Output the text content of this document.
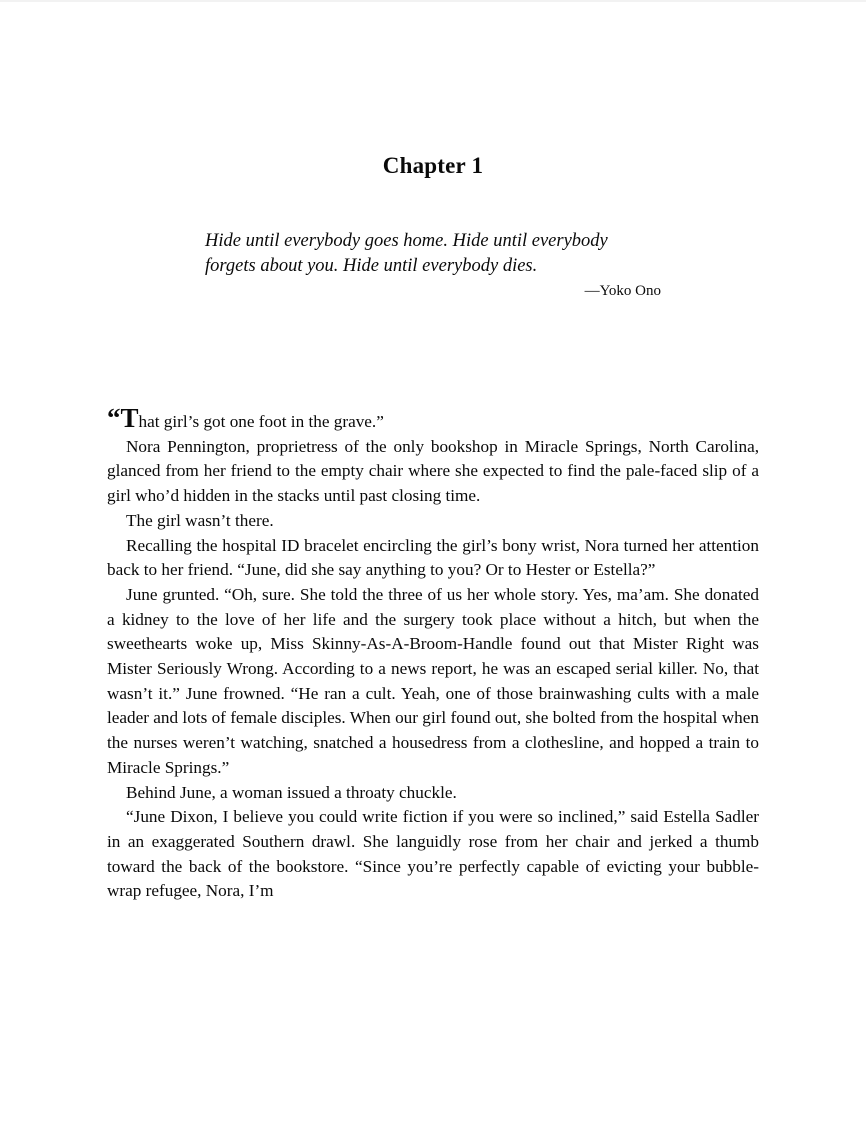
Chapter 1

Hide until everybody goes home. Hide until everybody forgets about you. Hide until everybody dies.

—Yoko Ono

“That girl’s got one foot in the grave.”

Nora Pennington, proprietress of the only bookshop in Miracle Springs, North Carolina, glanced from her friend to the empty chair where she expected to find the pale-faced slip of a girl who’d hidden in the stacks until past closing time.

The girl wasn’t there.

Recalling the hospital ID bracelet encircling the girl’s bony wrist, Nora turned her attention back to her friend. “June, did she say anything to you? Or to Hester or Estella?”

June grunted. “Oh, sure. She told the three of us her whole story. Yes, ma’am. She donated a kidney to the love of her life and the surgery took place without a hitch, but when the sweethearts woke up, Miss Skinny-As-A-Broom-Handle found out that Mister Right was Mister Seriously Wrong. According to a news report, he was an escaped serial killer. No, that wasn’t it.” June frowned. “He ran a cult. Yeah, one of those brainwashing cults with a male leader and lots of female disciples. When our girl found out, she bolted from the hospital when the nurses weren’t watching, snatched a housedress from a clothesline, and hopped a train to Miracle Springs.”

Behind June, a woman issued a throaty chuckle.

“June Dixon, I believe you could write fiction if you were so inclined,” said Estella Sadler in an exaggerated Southern drawl. She languidly rose from her chair and jerked a thumb toward the back of the bookstore. “Since you’re perfectly capable of evicting your bubble-wrap refugee, Nora, I’m
